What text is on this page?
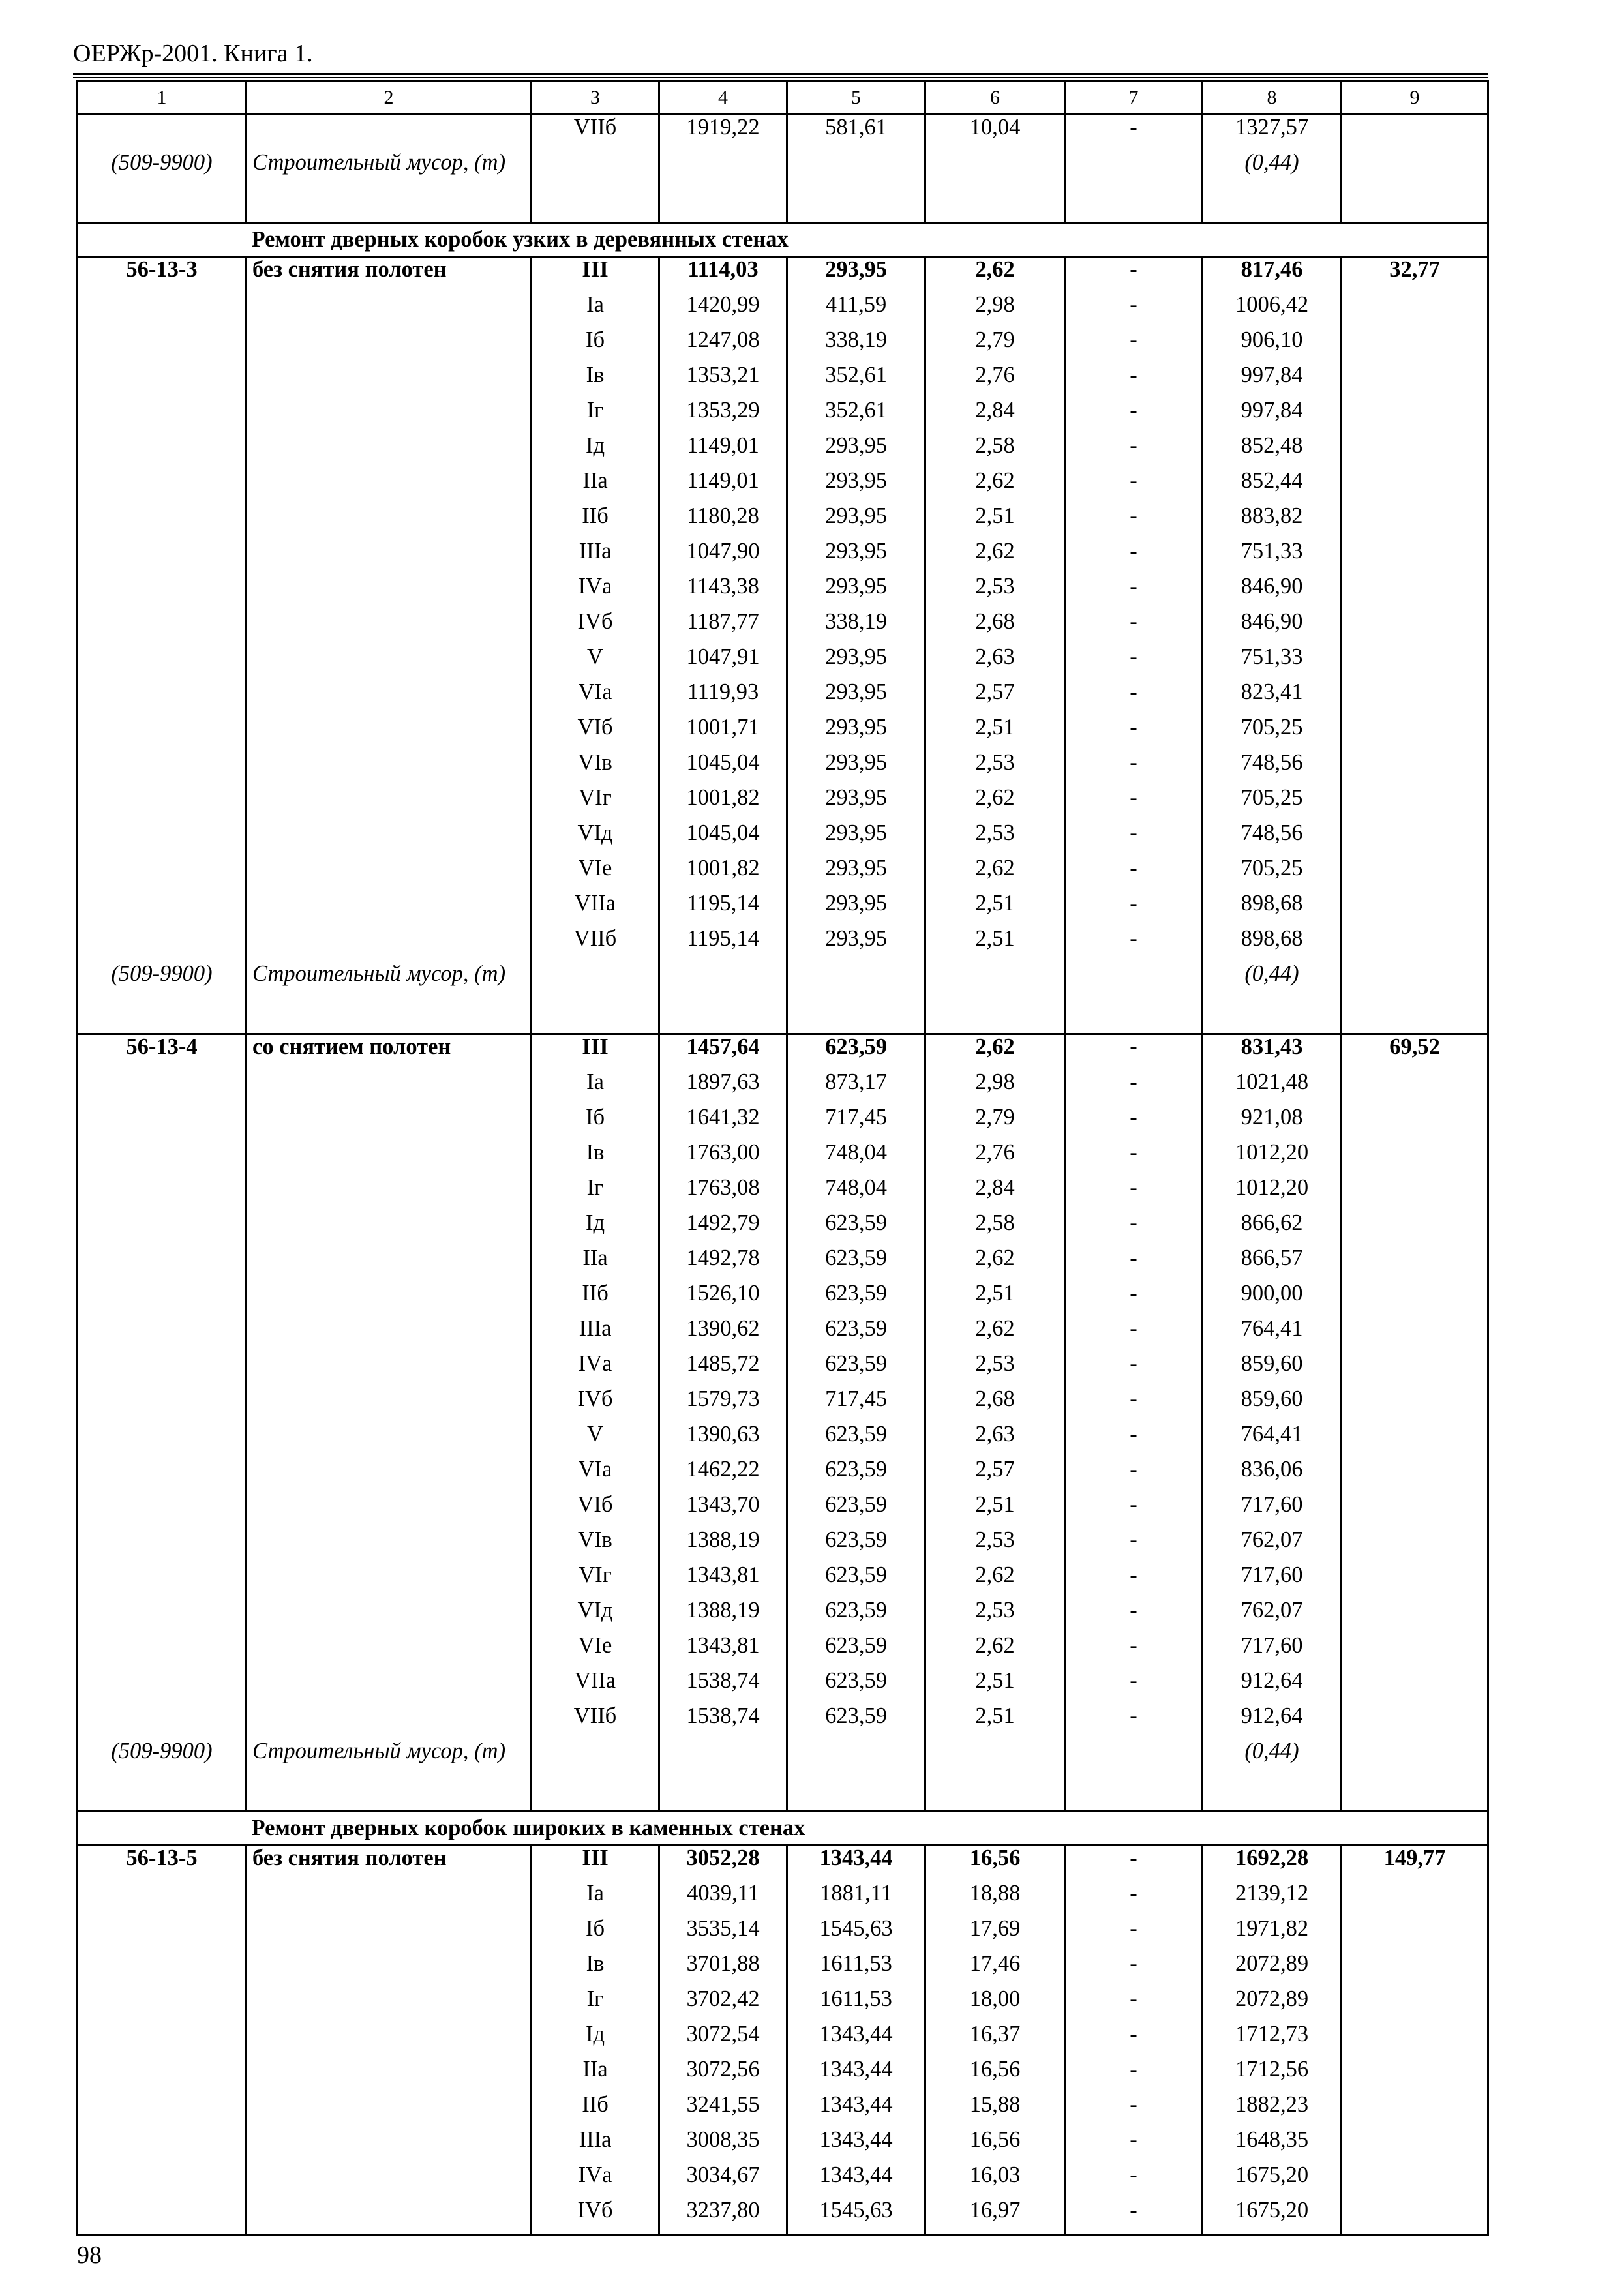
ОЕРЖр-2001. Книга 1.
1	2	3	4	5	6	7	8	9
		VIIб	1919,22	581,61	10,04	-	1327,57	
(509-9900)	Строительный мусор, (т)						(0,44)	
	Ремонт дверных коробок узких в деревянных стенах							
56-13-3	без снятия полотен	III	1114,03	293,95	2,62	-	817,46	32,77
		Iа	1420,99	411,59	2,98	-	1006,42	
		Iб	1247,08	338,19	2,79	-	906,10	
		Iв	1353,21	352,61	2,76	-	997,84	
		Iг	1353,29	352,61	2,84	-	997,84	
		Iд	1149,01	293,95	2,58	-	852,48	
		IIа	1149,01	293,95	2,62	-	852,44	
		IIб	1180,28	293,95	2,51	-	883,82	
		IIIа	1047,90	293,95	2,62	-	751,33	
		IVа	1143,38	293,95	2,53	-	846,90	
		IVб	1187,77	338,19	2,68	-	846,90	
		V	1047,91	293,95	2,63	-	751,33	
		VIа	1119,93	293,95	2,57	-	823,41	
		VIб	1001,71	293,95	2,51	-	705,25	
		VIв	1045,04	293,95	2,53	-	748,56	
		VIг	1001,82	293,95	2,62	-	705,25	
		VIд	1045,04	293,95	2,53	-	748,56	
		VIе	1001,82	293,95	2,62	-	705,25	
		VIIа	1195,14	293,95	2,51	-	898,68	
		VIIб	1195,14	293,95	2,51	-	898,68	
(509-9900)	Строительный мусор, (т)						(0,44)	
56-13-4	со снятием полотен	III	1457,64	623,59	2,62	-	831,43	69,52
		Iа	1897,63	873,17	2,98	-	1021,48	
		Iб	1641,32	717,45	2,79	-	921,08	
		Iв	1763,00	748,04	2,76	-	1012,20	
		Iг	1763,08	748,04	2,84	-	1012,20	
		Iд	1492,79	623,59	2,58	-	866,62	
		IIа	1492,78	623,59	2,62	-	866,57	
		IIб	1526,10	623,59	2,51	-	900,00	
		IIIа	1390,62	623,59	2,62	-	764,41	
		IVа	1485,72	623,59	2,53	-	859,60	
		IVб	1579,73	717,45	2,68	-	859,60	
		V	1390,63	623,59	2,63	-	764,41	
		VIа	1462,22	623,59	2,57	-	836,06	
		VIб	1343,70	623,59	2,51	-	717,60	
		VIв	1388,19	623,59	2,53	-	762,07	
		VIг	1343,81	623,59	2,62	-	717,60	
		VIд	1388,19	623,59	2,53	-	762,07	
		VIе	1343,81	623,59	2,62	-	717,60	
		VIIа	1538,74	623,59	2,51	-	912,64	
		VIIб	1538,74	623,59	2,51	-	912,64	
(509-9900)	Строительный мусор, (т)						(0,44)	
	Ремонт дверных коробок широких в каменных стенах							
56-13-5	без снятия полотен	III	3052,28	1343,44	16,56	-	1692,28	149,77
		Iа	4039,11	1881,11	18,88	-	2139,12	
		Iб	3535,14	1545,63	17,69	-	1971,82	
		Iв	3701,88	1611,53	17,46	-	2072,89	
		Iг	3702,42	1611,53	18,00	-	2072,89	
		Iд	3072,54	1343,44	16,37	-	1712,73	
		IIа	3072,56	1343,44	16,56	-	1712,56	
		IIб	3241,55	1343,44	15,88	-	1882,23	
		IIIа	3008,35	1343,44	16,56	-	1648,35	
		IVа	3034,67	1343,44	16,03	-	1675,20	
		IVб	3237,80	1545,63	16,97	-	1675,20	
98
